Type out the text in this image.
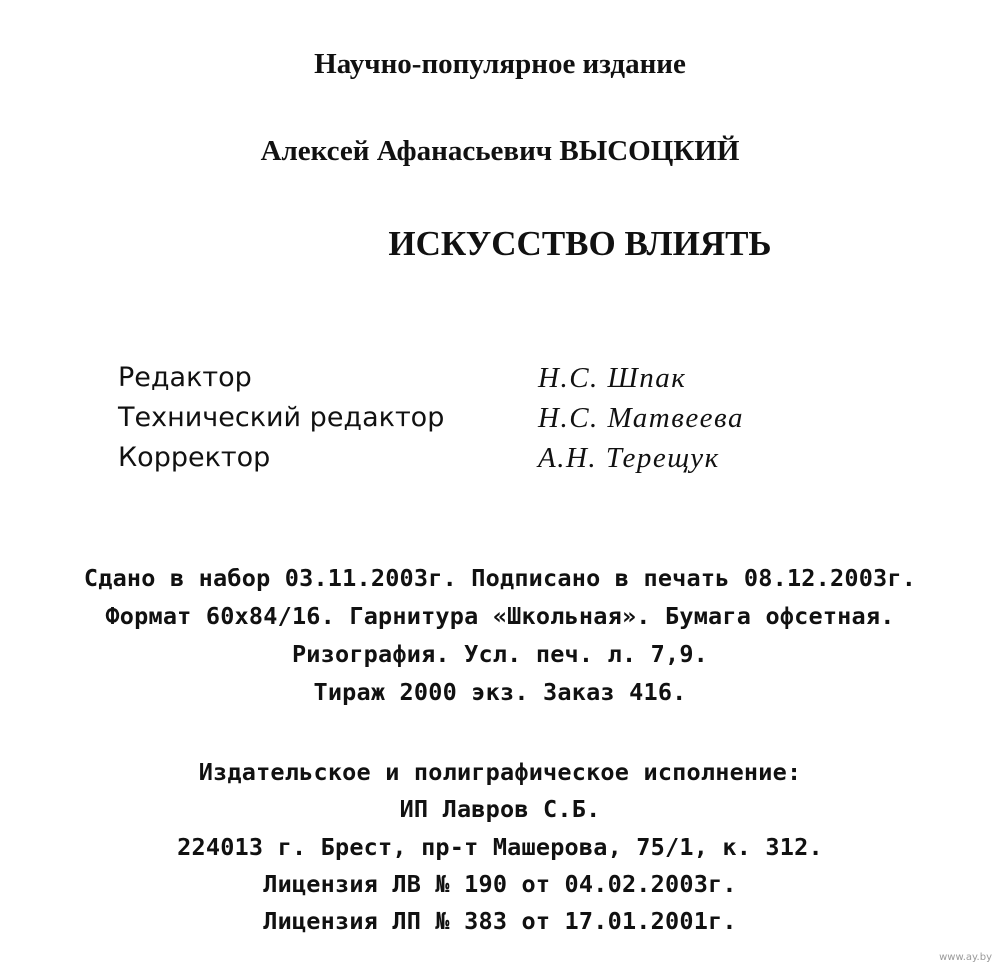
Научно-популярное издание
Алексей Афанасьевич ВЫСОЦКИЙ
ИСКУССТВО ВЛИЯТЬ
Редактор	Н.С. Шпак
Технический редактор	Н.С. Матвеева
Корректор	А.Н. Терещук
Сдано в набор 03.11.2003г. Подписано в печать 08.12.2003г.
Формат 60x84/16. Гарнитура «Школьная». Бумага офсетная.
Ризография. Усл. печ. л. 7,9.
Тираж 2000 экз. Заказ 416.
Издательское и полиграфическое исполнение:
ИП Лавров С.Б.
224013 г. Брест, пр-т Машерова, 75/1, к. 312.
Лицензия ЛВ № 190 от 04.02.2003г.
Лицензия ЛП № 383 от 17.01.2001г.
www.ay.by
